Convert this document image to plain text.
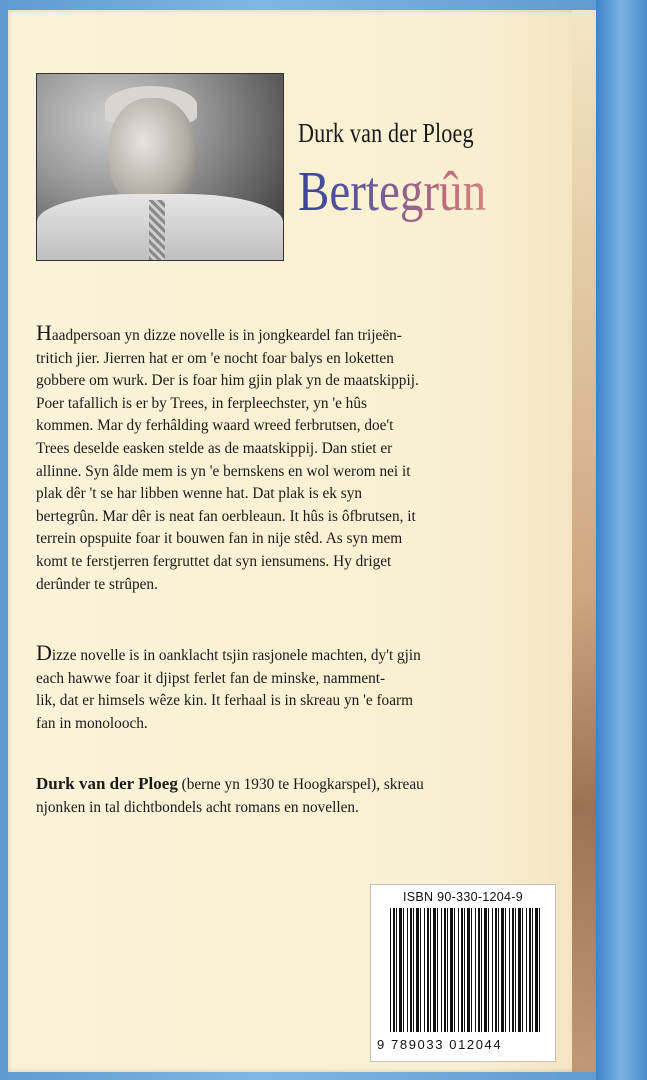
Durk van der Ploeg
Bertegrûn
Haadpersoan yn dizze novelle is in jongkeardel fan trijeën-
tritich jier. Jierren hat er om 'e nocht foar balys en loketten
gobbere om wurk. Der is foar him gjin plak yn de maatskippij.
Poer tafallich is er by Trees, in ferpleechster, yn 'e hûs
kommen. Mar dy ferhâlding waard wreed ferbrutsen, doe't
Trees deselde easken stelde as de maatskippij. Dan stiet er
allinne. Syn âlde mem is yn 'e bernskens en wol werom nei it
plak dêr 't se har libben wenne hat. Dat plak is ek syn
bertegrûn. Mar dêr is neat fan oerbleaun. It hûs is ôfbrutsen, it
terrein opspuite foar it bouwen fan in nije stêd. As syn mem
komt te ferstjerren fergruttet dat syn iensumens. Hy driget
derûnder te strûpen.
Dizze novelle is in oanklacht tsjin rasjonele machten, dy't gjin
each hawwe foar it djipst ferlet fan de minske, namment-
lik, dat er himsels wêze kin. It ferhaal is in skreau yn 'e foarm
fan in monolooch.
Durk van der Ploeg (berne yn 1930 te Hoogkarspel), skreau
njonken in tal dichtbondels acht romans en novellen.
ISBN 90-330-1204-9
9 789033 012044
